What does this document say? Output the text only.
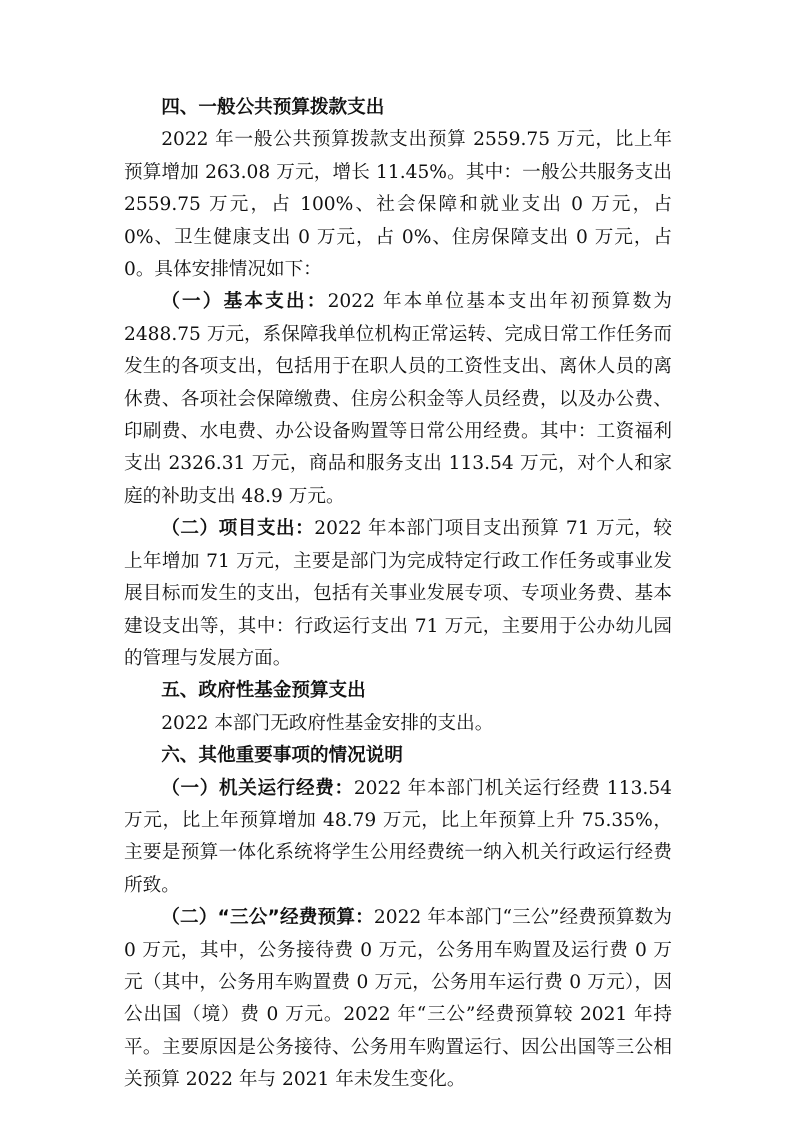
四、一般公共预算拨款支出

2022 年一般公共预算拨款支出预算 2559.75 万元，比上年预算增加 263.08 万元，增长 11.45%。其中：一般公共服务支出 2559.75 万元，占 100%、社会保障和就业支出 0 万元，占 0%、卫生健康支出 0 万元，占 0%、住房保障支出 0 万元，占 0。具体安排情况如下：

（一）基本支出：2022 年本单位基本支出年初预算数为 2488.75 万元，系保障我单位机构正常运转、完成日常工作任务而发生的各项支出，包括用于在职人员的工资性支出、离休人员的离休费、各项社会保障缴费、住房公积金等人员经费，以及办公费、印刷费、水电费、办公设备购置等日常公用经费。其中：工资福利支出 2326.31 万元，商品和服务支出 113.54 万元，对个人和家庭的补助支出 48.9 万元。

（二）项目支出：2022 年本部门项目支出预算 71 万元，较上年增加 71 万元，主要是部门为完成特定行政工作任务或事业发展目标而发生的支出，包括有关事业发展专项、专项业务费、基本建设支出等，其中：行政运行支出 71 万元，主要用于公办幼儿园的管理与发展方面。

五、政府性基金预算支出

2022 本部门无政府性基金安排的支出。

六、其他重要事项的情况说明

（一）机关运行经费：2022 年本部门机关运行经费 113.54 万元，比上年预算增加 48.79 万元，比上年预算上升 75.35%，主要是预算一体化系统将学生公用经费统一纳入机关行政运行经费所致。

（二）“三公”经费预算：2022 年本部门“三公”经费预算数为 0 万元，其中，公务接待费 0 万元，公务用车购置及运行费 0 万元（其中，公务用车购置费 0 万元，公务用车运行费 0 万元），因公出国（境）费 0 万元。2022 年“三公”经费预算较 2021 年持平。主要原因是公务接待、公务用车购置运行、因公出国等三公相关预算 2022 年与 2021 年未发生变化。
